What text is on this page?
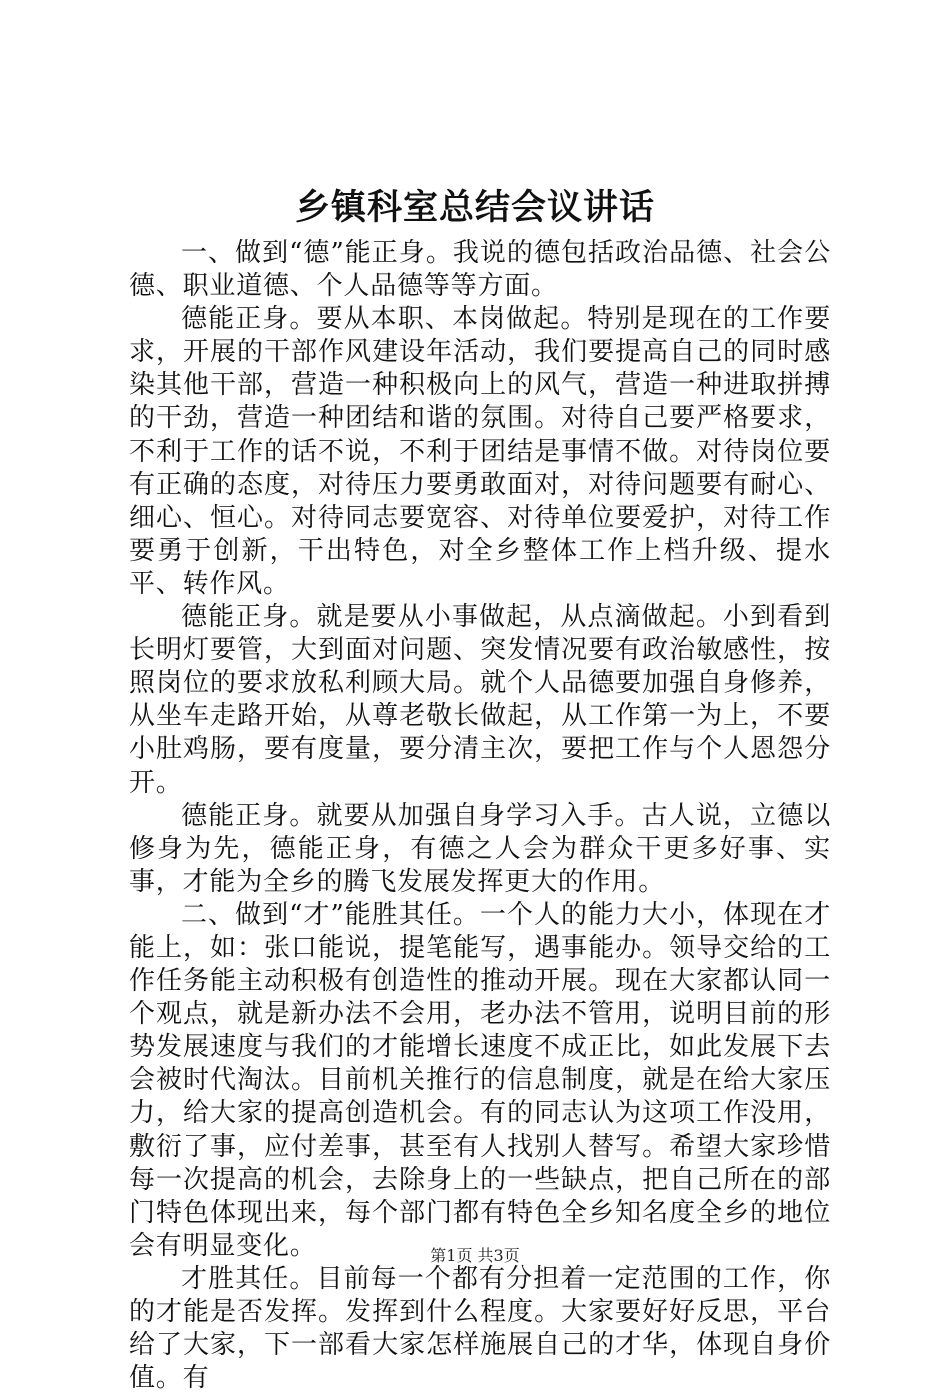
乡镇科室总结会议讲话

一、做到“德”能正身。我说的德包括政治品德、社会公德、职业道德、个人品德等等方面。

德能正身。要从本职、本岗做起。特别是现在的工作要求，开展的干部作风建设年活动，我们要提高自己的同时感染其他干部，营造一种积极向上的风气，营造一种进取拼搏的干劲，营造一种团结和谐的氛围。对待自己要严格要求，不利于工作的话不说，不利于团结是事情不做。对待岗位要有正确的态度，对待压力要勇敢面对，对待问题要有耐心、细心、恒心。对待同志要宽容、对待单位要爱护，对待工作要勇于创新，干出特色，对全乡整体工作上档升级、提水平、转作风。

德能正身。就是要从小事做起，从点滴做起。小到看到长明灯要管，大到面对问题、突发情况要有政治敏感性，按照岗位的要求放私利顾大局。就个人品德要加强自身修养，从坐车走路开始，从尊老敬长做起，从工作第一为上，不要小肚鸡肠，要有度量，要分清主次，要把工作与个人恩怨分开。

德能正身。就要从加强自身学习入手。古人说，立德以修身为先，德能正身，有德之人会为群众干更多好事、实事，才能为全乡的腾飞发展发挥更大的作用。

二、做到“才”能胜其任。一个人的能力大小，体现在才能上，如：张口能说，提笔能写，遇事能办。领导交给的工作任务能主动积极有创造性的推动开展。现在大家都认同一个观点，就是新办法不会用，老办法不管用，说明目前的形势发展速度与我们的才能增长速度不成正比，如此发展下去会被时代淘汰。目前机关推行的信息制度，就是在给大家压力，给大家的提高创造机会。有的同志认为这项工作没用，敷衍了事，应付差事，甚至有人找别人替写。希望大家珍惜每一次提高的机会，去除身上的一些缺点，把自己所在的部门特色体现出来，每个部门都有特色全乡知名度全乡的地位会有明显变化。

才胜其任。目前每一个都有分担着一定范围的工作，你的才能是否发挥。发挥到什么程度。大家要好好反思，平台给了大家，下一部看大家怎样施展自己的才华，体现自身价值。有

第1页 共3页
